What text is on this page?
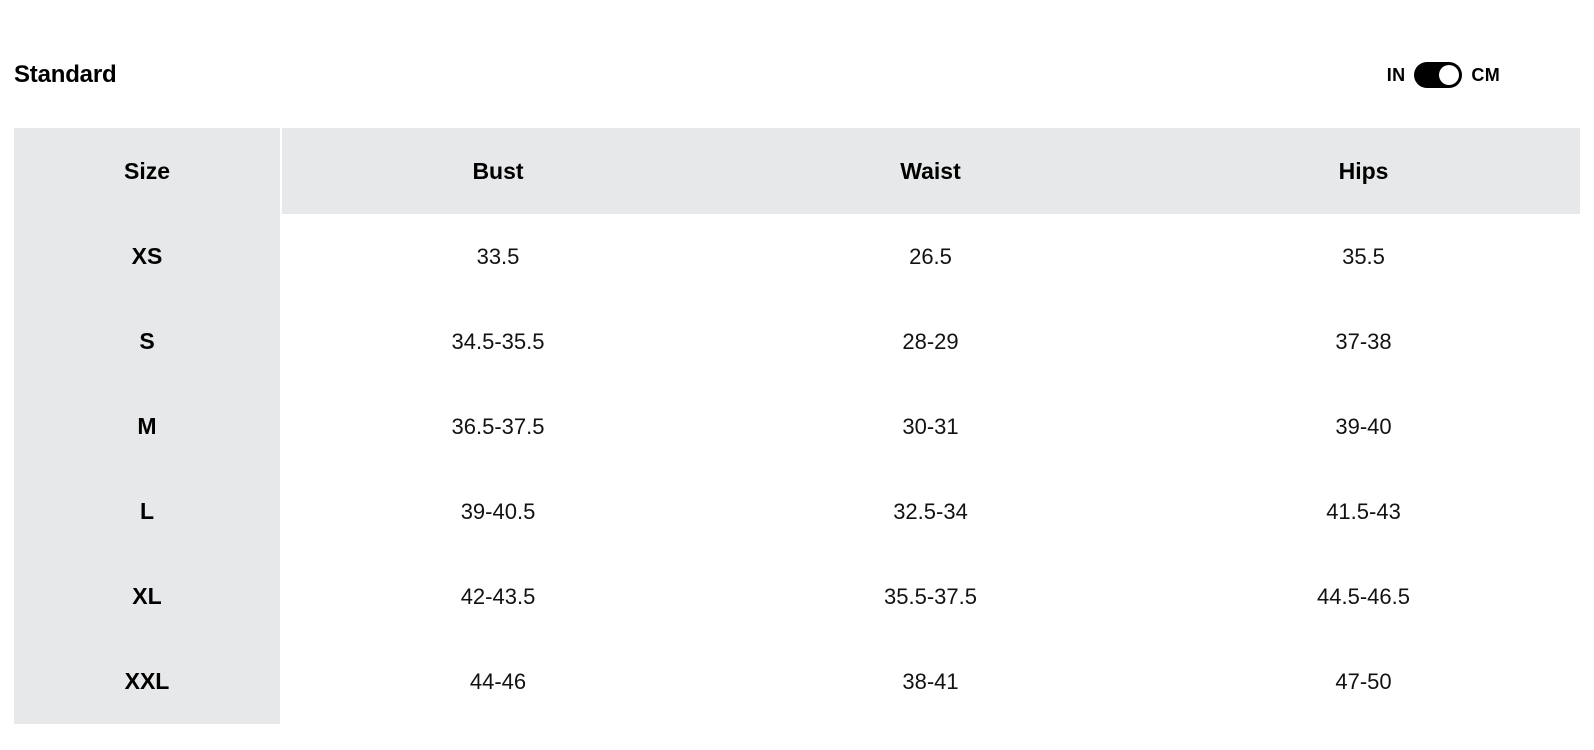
Standard	IN	CM
Size	Bust	Waist	Hips
XS	33.5	26.5	35.5
S	34.5-35.5	28-29	37-38
M	36.5-37.5	30-31	39-40
L	39-40.5	32.5-34	41.5-43
XL	42-43.5	35.5-37.5	44.5-46.5
XXL	44-46	38-41	47-50
